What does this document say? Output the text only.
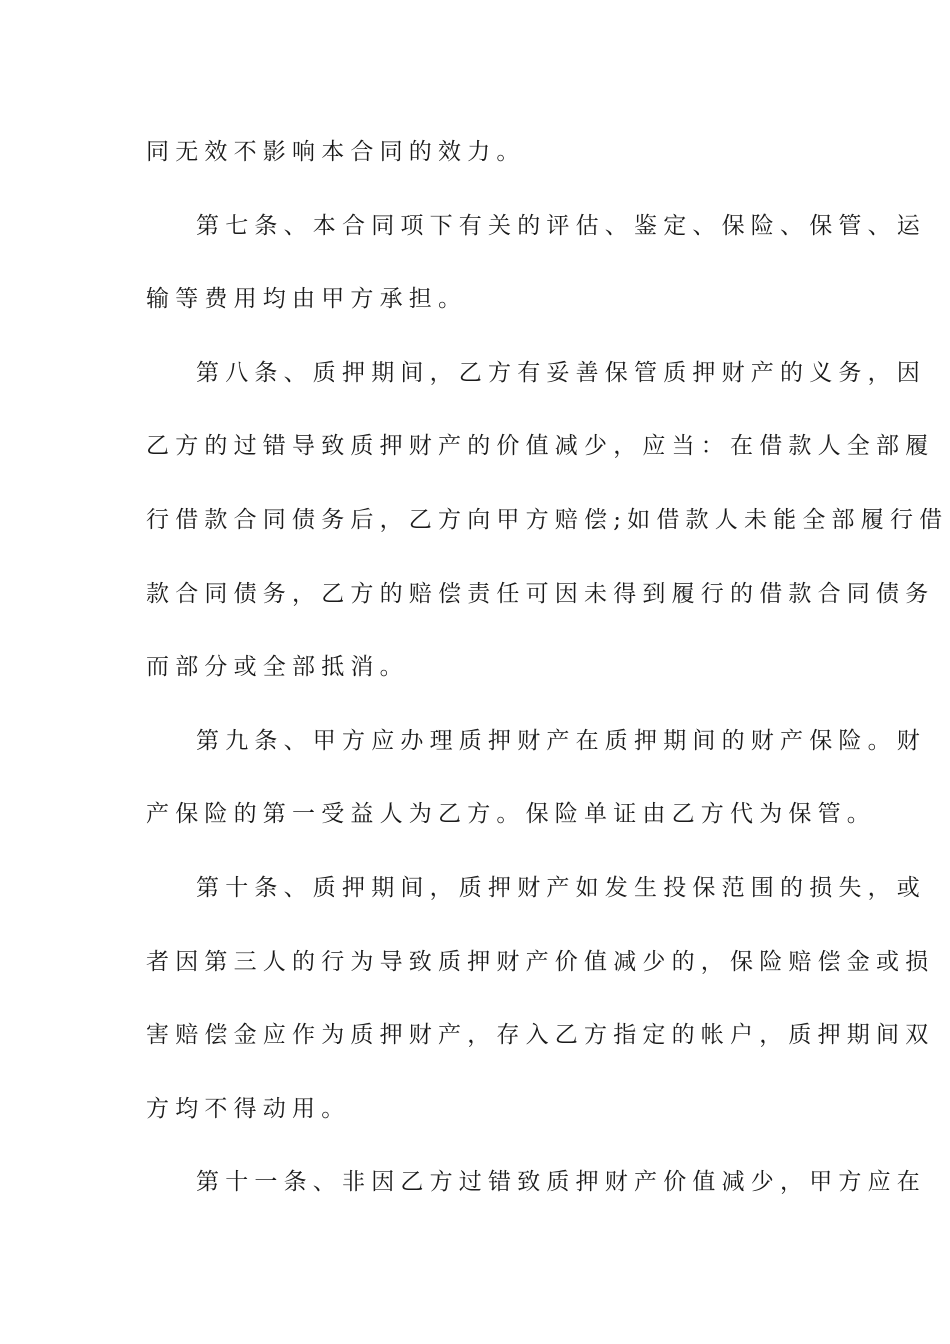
同无效不影响本合同的效力。
第七条、本合同项下有关的评估、鉴定、保险、保管、运
输等费用均由甲方承担。
第八条、质押期间，乙方有妥善保管质押财产的义务，因
乙方的过错导致质押财产的价值减少，应当：在借款人全部履
行借款合同债务后，乙方向甲方赔偿;如借款人未能全部履行借
款合同债务，乙方的赔偿责任可因未得到履行的借款合同债务
而部分或全部抵消。
第九条、甲方应办理质押财产在质押期间的财产保险。财
产保险的第一受益人为乙方。保险单证由乙方代为保管。
第十条、质押期间，质押财产如发生投保范围的损失，或
者因第三人的行为导致质押财产价值减少的，保险赔偿金或损
害赔偿金应作为质押财产，存入乙方指定的帐户，质押期间双
方均不得动用。
第十一条、非因乙方过错致质押财产价值减少，甲方应在
